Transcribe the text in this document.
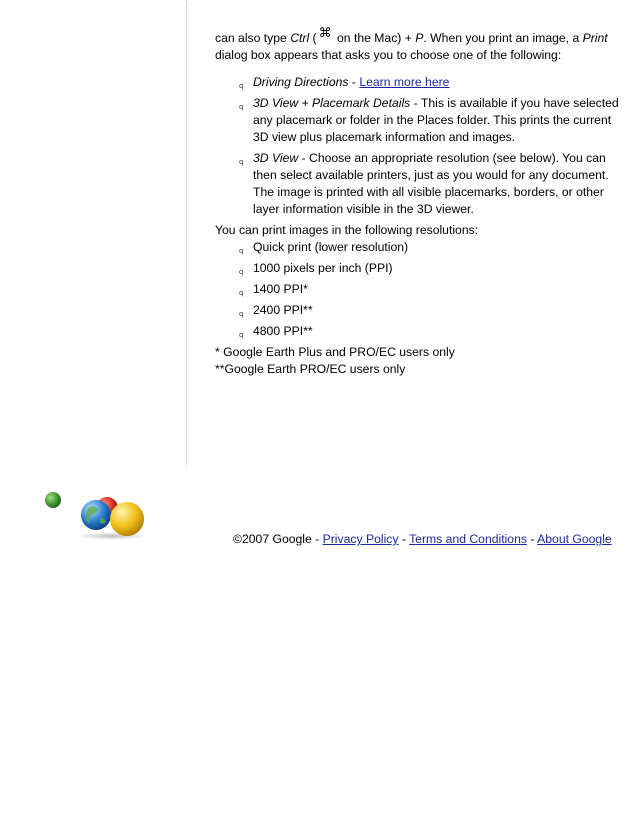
can also type Ctrl ( ⌘ on the Mac) + P. When you print an image, a Print dialog box appears that asks you to choose one of the following:

q Driving Directions - Learn more here
q 3D View + Placemark Details - This is available if you have selected any placemark or folder in the Places folder. This prints the current 3D view plus placemark information and images.
q 3D View - Choose an appropriate resolution (see below). You can then select available printers, just as you would for any document. The image is printed with all visible placemarks, borders, or other layer information visible in the 3D viewer.

You can print images in the following resolutions:

q Quick print (lower resolution)
q 1000 pixels per inch (PPI)
q 1400 PPI*
q 2400 PPI**
q 4800 PPI**

* Google Earth Plus and PRO/EC users only

**Google Earth PRO/EC users only

©2007 Google - Privacy Policy - Terms and Conditions - About Google
